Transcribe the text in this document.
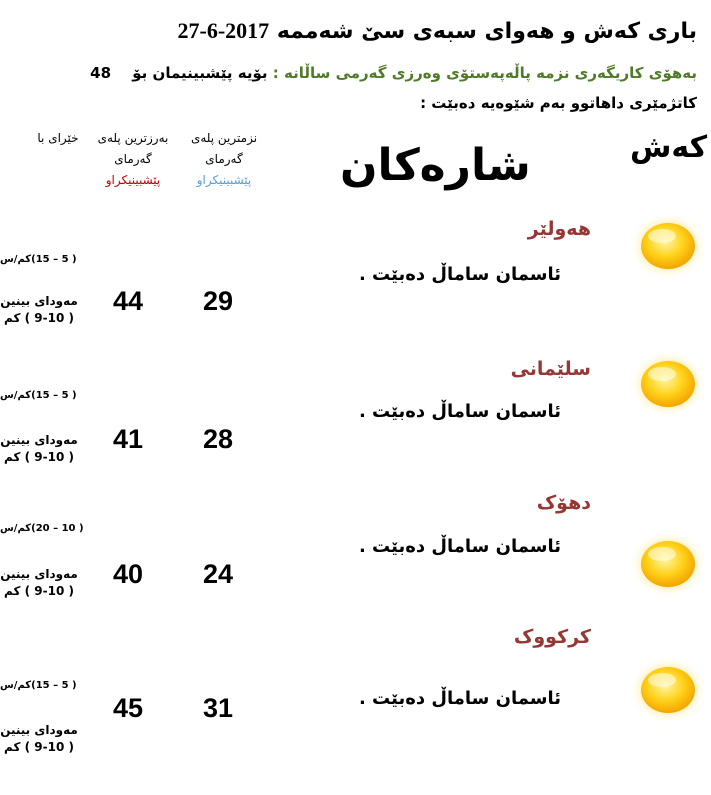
باری کەش و هەوای سبەی سێ شەممە 2017-6-27
بەهۆی کاریگەری نزمە پاڵەپەستۆی وەرزی گەرمی ساڵانە : بۆیە پێشبینیمان بۆ 48
کاتژمێری داهاتوو بەم شێوەیە دەبێت :
کەش
شارەکان
نزمترین پلەی
گەرمای
پێشبینیکراو
بەرزترین پلەی
گەرمای
پێشبینیکراو
خێرای با
هەولێر
ئاسمان ساماڵ دەبێت .
29
44
( 5 – 15)کم/س
مەودای بینین
( 9-10 ) کم
سلێمانی
ئاسمان ساماڵ دەبێت .
28
41
( 5 – 15)کم/س
مەودای بینین
( 9-10 ) کم
دهۆک
ئاسمان ساماڵ دەبێت .
24
40
( 10 – 20)کم/س
مەودای بینین
( 9-10 ) کم
کرکووک
ئاسمان ساماڵ دەبێت .
31
45
( 5 – 15)کم/س
مەودای بینین
( 9-10 ) کم
